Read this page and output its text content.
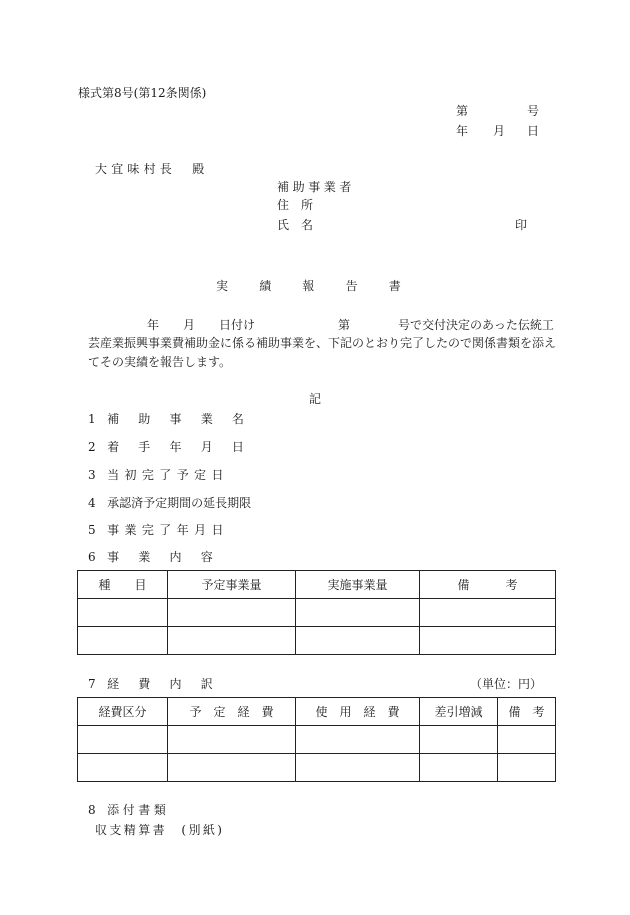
様式第8号(第12条関係)
第	号
年 月 日
大宜味村長　殿
補助事業者
住　所
氏　名	印
実　績　報　告　書
年 月 日付け	第	号で交付決定のあった伝統工
芸産業振興事業費補助金に係る補助事業を、下記のとおり完了したので関係書類を添え
てその実績を報告します。
記
1 補　助　事　業　名
2 着　手　年　月　日
3 当初完了予定日
4 承認済予定期間の延長期限
5 事業完了年月日
6 事　業　内　容
種　　目	予定事業量	実施事業量	備　　　考

7 経　費　内　訳	（単位：円）
経費区分	予　定　経　費	使　用　経　費	差引増減	備　考

8 添付書類
収支精算書　(別紙)
